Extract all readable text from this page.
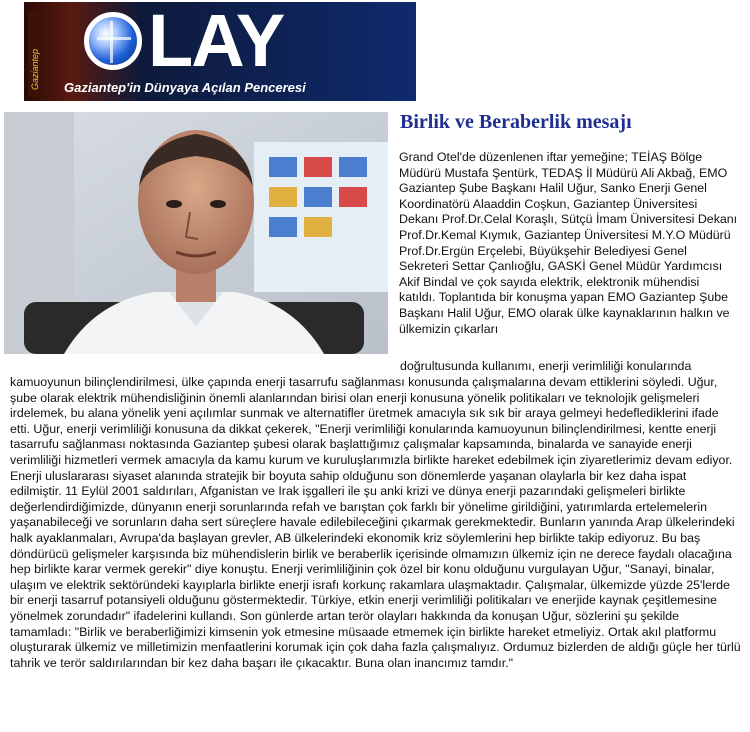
Gaziantep LAY
Gaziantep'in Dünyaya Açılan Penceresi
Birlik ve Beraberlik mesajı

Grand Otel'de düzenlenen iftar yemeğine; TEİAŞ Bölge Müdürü Mustafa Şentürk, TEDAŞ İl Müdürü Ali Akbağ, EMO Gaziantep Şube Başkanı Halil Uğur, Sanko Enerji Genel Koordinatörü Alaaddin Coşkun, Gaziantep Üniversitesi Dekanı Prof.Dr.Celal Koraşlı, Sütçü İmam Üniversitesi Dekanı Prof.Dr.Kemal Kıymık, Gaziantep Üniversitesi M.Y.O Müdürü Prof.Dr.Ergün Erçelebi, Büyükşehir Belediyesi Genel Sekreteri Settar Çanlıoğlu, GASKİ Genel Müdür Yardımcısı Akif Bindal ve çok sayıda elektrik, elektronik mühendisi katıldı. Toplantıda bir konuşma yapan EMO Gaziantep Şube Başkanı Halil Uğur, EMO olarak ülke kaynaklarının halkın ve ülkemizin çıkarları

doğrultusunda kullanımı, enerji verimliliği konularında

kamuoyunun bilinçlendirilmesi, ülke çapında enerji tasarrufu sağlanması konusunda çalışmalarına devam ettiklerini söyledi. Uğur, şube olarak elektrik mühendisliğinin önemli alanlarından birisi olan enerji konusuna yönelik politikaları ve teknolojik gelişmeleri irdelemek, bu alana yönelik yeni açılımlar sunmak ve alternatifler üretmek amacıyla sık sık bir araya gelmeyi hedeflediklerini ifade etti. Uğur, enerji verimliliği konusuna da dikkat çekerek, "Enerji verimliliği konularında kamuoyunun bilinçlendirilmesi, kentte enerji tasarrufu sağlanması noktasında Gaziantep şubesi olarak başlattığımız çalışmalar kapsamında, binalarda ve sanayide enerji verimliliği hizmetleri vermek amacıyla da kamu kurum ve kuruluşlarımızla birlikte hareket edebilmek için ziyaretlerimiz devam ediyor. Enerji uluslararası siyaset alanında stratejik bir boyuta sahip olduğunu son dönemlerde yaşanan olaylarla bir kez daha ispat edilmiştir. 11 Eylül 2001 saldırıları, Afganistan ve Irak işgalleri ile şu anki krizi ve dünya enerji pazarındaki gelişmeleri birlikte değerlendirdiğimizde, dünyanın enerji sorunlarında refah ve barıştan çok farklı bir yönelime girildiğini, yatırımlarda ertelemelerin yaşanabileceği ve sorunların daha sert süreçlere havale edilebileceğini çıkarmak gerekmektedir. Bunların yanında Arap ülkelerindeki halk ayaklanmaları, Avrupa'da başlayan grevler, AB ülkelerindeki ekonomik kriz söylemlerini hep birlikte takip ediyoruz. Bu baş döndürücü gelişmeler karşısında biz mühendislerin birlik ve beraberlik içerisinde olmamızın ülkemiz için ne derece faydalı olacağına hep birlikte karar vermek gerekir" diye konuştu. Enerji verimliliğinin çok özel bir konu olduğunu vurgulayan Uğur, "Sanayi, binalar, ulaşım ve elektrik sektöründeki kayıplarla birlikte enerji israfı korkunç rakamlara ulaşmaktadır. Çalışmalar, ülkemizde yüzde 25'lerde bir enerji tasarruf potansiyeli olduğunu göstermektedir. Türkiye, etkin enerji verimliliği politikaları ve enerjide kaynak çeşitlemesine yönelmek zorundadır" ifadelerini kullandı. Son günlerde artan terör olayları hakkında da konuşan Uğur, sözlerini şu şekilde tamamladı: "Birlik ve beraberliğimizi kimsenin yok etmesine müsaade etmemek için birlikte hareket etmeliyiz. Ortak akıl platformu oluşturarak ülkemiz ve milletimizin menfaatlerini korumak için çok daha fazla çalışmalıyız. Ordumuz bizlerden de aldığı güçle her türlü tahrik ve terör saldırılarından bir kez daha başarı ile çıkacaktır. Buna olan inancımız tamdır."
